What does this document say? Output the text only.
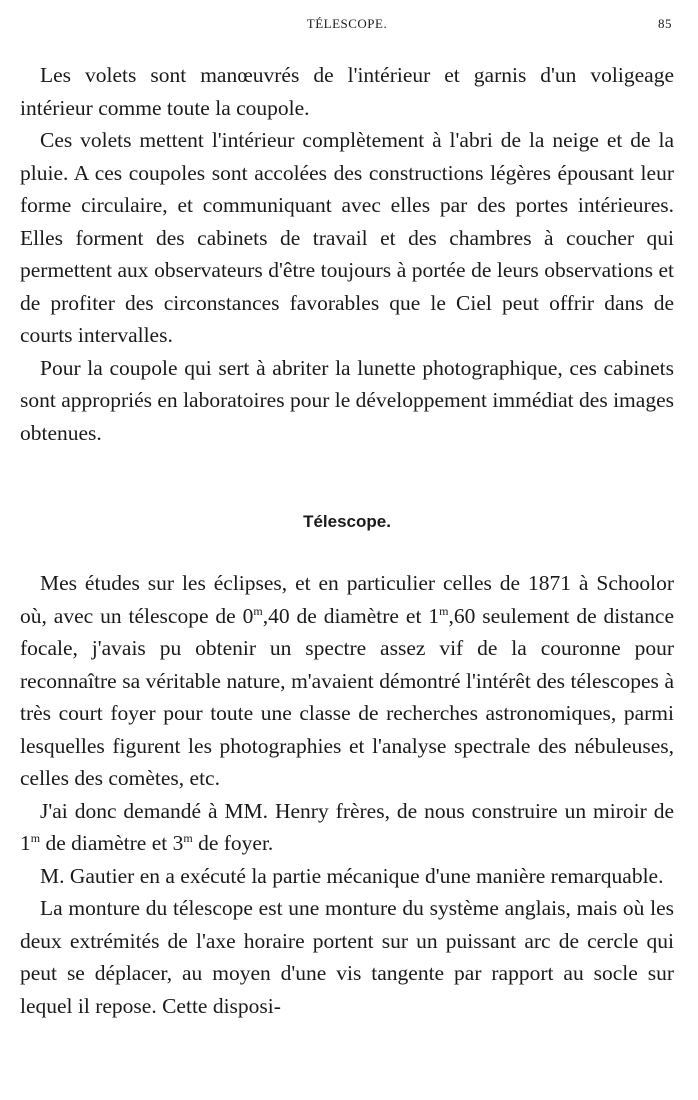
TÉLESCOPE.	85

Les volets sont manœuvrés de l'intérieur et garnis d'un voligeage intérieur comme toute la coupole.

Ces volets mettent l'intérieur complètement à l'abri de la neige et de la pluie. A ces coupoles sont accolées des constructions légères épousant leur forme circulaire, et communiquant avec elles par des portes intérieures. Elles forment des cabinets de travail et des chambres à coucher qui permettent aux observateurs d'être toujours à portée de leurs observations et de profiter des circonstances favorables que le Ciel peut offrir dans de courts intervalles.

Pour la coupole qui sert à abriter la lunette photographique, ces cabinets sont appropriés en laboratoires pour le développement immédiat des images obtenues.

Télescope.

Mes études sur les éclipses, et en particulier celles de 1871 à Schoolor où, avec un télescope de 0$^m$,40 de diamètre et 1$^m$,60 seulement de distance focale, j'avais pu obtenir un spectre assez vif de la couronne pour reconnaître sa véritable nature, m'avaient démontré l'intérêt des télescopes à très court foyer pour toute une classe de recherches astronomiques, parmi lesquelles figurent les photographies et l'analyse spectrale des nébuleuses, celles des comètes, etc.

J'ai donc demandé à MM. Henry frères, de nous construire un miroir de 1$^m$ de diamètre et 3$^m$ de foyer.

M. Gautier en a exécuté la partie mécanique d'une manière remarquable.

La monture du télescope est une monture du système anglais, mais où les deux extrémités de l'axe horaire portent sur un puissant arc de cercle qui peut se déplacer, au moyen d'une vis tangente par rapport au socle sur lequel il repose. Cette disposi-
